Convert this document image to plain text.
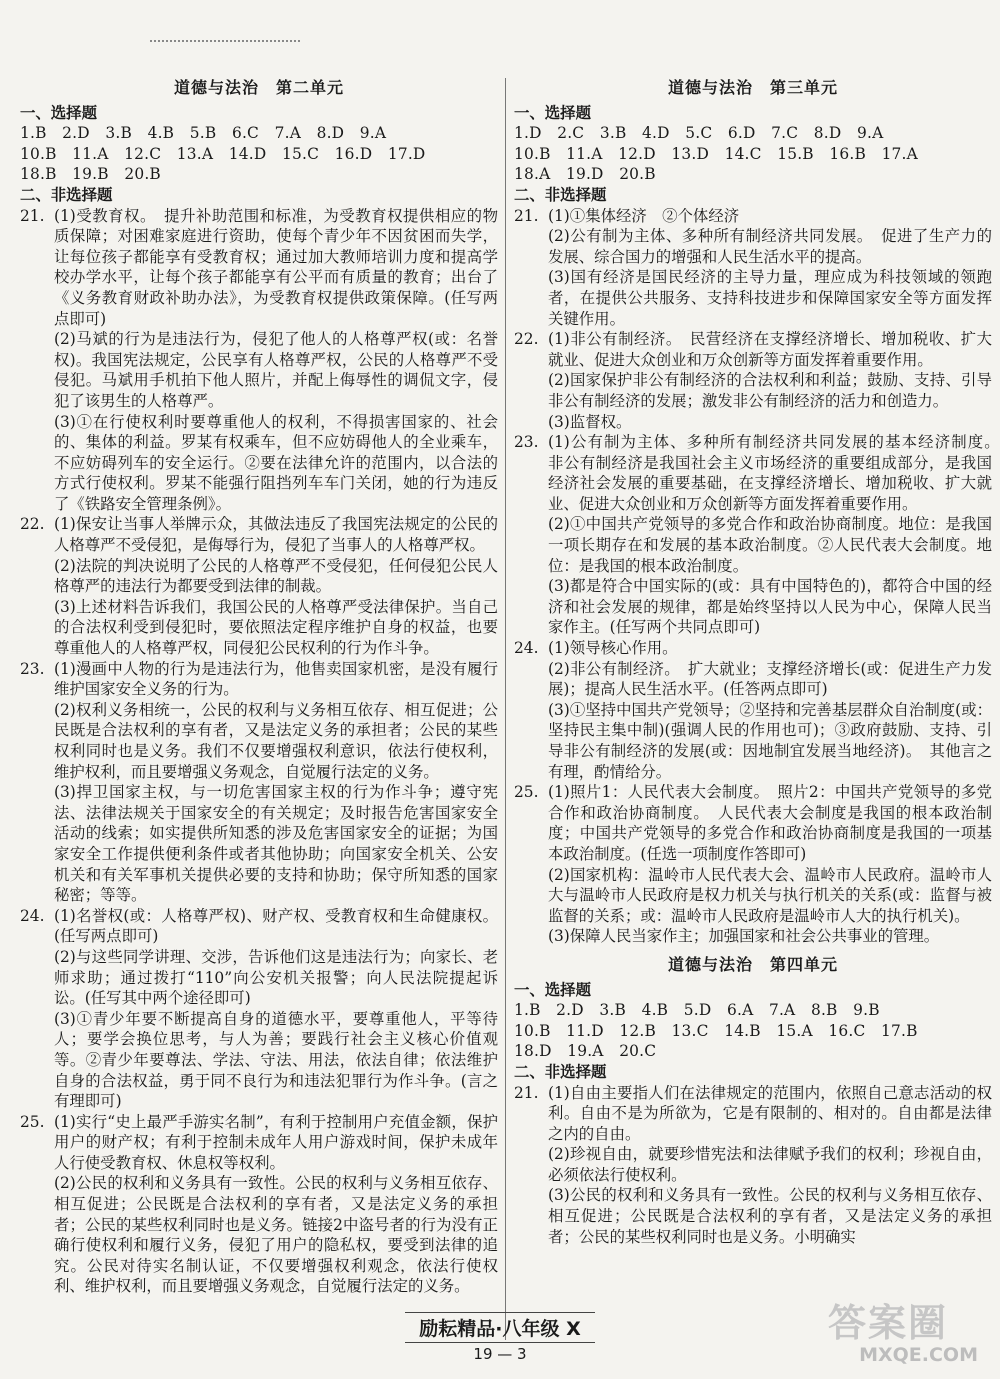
道德与法治　第二单元
一、选择题
1.B　2.D　3.B　4.B　5.B　6.C　7.A　8.D　9.A
10.B　11.A　12.C　13.A　14.D　15.C　16.D　17.D
18.B　19.B　20.B
二、非选择题
21. (1)受教育权。　提升补助范围和标准，为受教育权提供相应的物质保障；对困难家庭进行资助，使每个青少年不因贫困而失学，让每位孩子都能享有受教育权；通过加大教师培训力度和提高学校办学水平，让每个孩子都能享有公平而有质量的教育；出台了《义务教育财政补助办法》，为受教育权提供政策保障。(任写两点即可)
(2)马斌的行为是违法行为，侵犯了他人的人格尊严权(或：名誉权)。我国宪法规定，公民享有人格尊严权，公民的人格尊严不受侵犯。马斌用手机拍下他人照片，并配上侮辱性的调侃文字，侵犯了该男生的人格尊严。
(3)①在行使权利时要尊重他人的权利，不得损害国家的、社会的、集体的利益。罗某有权乘车，但不应妨碍他人的全业乘车，不应妨碍列车的安全运行。②要在法律允许的范围内，以合法的方式行使权利。罗某不能强行阻挡列车车门关闭，她的行为违反了《铁路安全管理条例》。
22. (1)保安让当事人举牌示众，其做法违反了我国宪法规定的公民的人格尊严不受侵犯，是侮辱行为，侵犯了当事人的人格尊严权。
(2)法院的判决说明了公民的人格尊严不受侵犯，任何侵犯公民人格尊严的违法行为都要受到法律的制裁。
(3)上述材料告诉我们，我国公民的人格尊严受法律保护。当自己的合法权利受到侵犯时，要依照法定程序维护自身的权益，也要尊重他人的人格尊严权，同侵犯公民权利的行为作斗争。
23. (1)漫画中人物的行为是违法行为，他售卖国家机密，是没有履行维护国家安全义务的行为。
(2)权利义务相统一，公民的权利与义务相互依存、相互促进；公民既是合法权利的享有者，又是法定义务的承担者；公民的某些权利同时也是义务。我们不仅要增强权利意识，依法行使权利，维护权利，而且要增强义务观念，自觉履行法定的义务。
(3)捍卫国家主权，与一切危害国家主权的行为作斗争；遵守宪法、法律法规关于国家安全的有关规定；及时报告危害国家安全活动的线索；如实提供所知悉的涉及危害国家安全的证据；为国家安全工作提供便利条件或者其他协助；向国家安全机关、公安机关和有关军事机关提供必要的支持和协助；保守所知悉的国家秘密；等等。
24. (1)名誉权(或：人格尊严权)、财产权、受教育权和生命健康权。(任写两点即可)
(2)与这些同学讲理、交涉，告诉他们这是违法行为；向家长、老师求助；通过拨打“110”向公安机关报警；向人民法院提起诉讼。(任写其中两个途径即可)
(3)①青少年要不断提高自身的道德水平，要尊重他人，平等待人；要学会换位思考，与人为善；要践行社会主义核心价值观等。②青少年要尊法、学法、守法、用法，依法自律；依法维护自身的合法权益，勇于同不良行为和违法犯罪行为作斗争。(言之有理即可)
25. (1)实行“史上最严手游实名制”，有利于控制用户充值金额，保护用户的财产权；有利于控制未成年人用户游戏时间，保护未成年人行使受教育权、休息权等权利。
(2)公民的权利和义务具有一致性。公民的权利与义务相互依存、相互促进；公民既是合法权利的享有者，又是法定义务的承担者；公民的某些权利同时也是义务。链接2中盗号者的行为没有正确行使权利和履行义务，侵犯了用户的隐私权，要受到法律的追究。公民对待实名制认证，不仅要增强权利观念，依法行使权利、维护权利，而且要增强义务观念，自觉履行法定的义务。
道德与法治　第三单元
一、选择题
1.D　2.C　3.B　4.D　5.C　6.D　7.C　8.D　9.A
10.B　11.A　12.D　13.D　14.C　15.B　16.B　17.A
18.A　19.D　20.B
二、非选择题
21. (1)①集体经济　②个体经济
(2)公有制为主体、多种所有制经济共同发展。　促进了生产力的发展、综合国力的增强和人民生活水平的提高。
(3)国有经济是国民经济的主导力量，理应成为科技领域的领跑者，在提供公共服务、支持科技进步和保障国家安全等方面发挥关键作用。
22. (1)非公有制经济。　民营经济在支撑经济增长、增加税收、扩大就业、促进大众创业和万众创新等方面发挥着重要作用。
(2)国家保护非公有制经济的合法权利和利益；鼓励、支持、引导非公有制经济的发展；激发非公有制经济的活力和创造力。
(3)监督权。
23. (1)公有制为主体、多种所有制经济共同发展的基本经济制度。　非公有制经济是我国社会主义市场经济的重要组成部分，是我国经济社会发展的重要基础，在支撑经济增长、增加税收、扩大就业、促进大众创业和万众创新等方面发挥着重要作用。
(2)①中国共产党领导的多党合作和政治协商制度。地位：是我国一项长期存在和发展的基本政治制度。②人民代表大会制度。地位：是我国的根本政治制度。
(3)都是符合中国实际的(或：具有中国特色的)，都符合中国的经济和社会发展的规律，都是始终坚持以人民为中心，保障人民当家作主。(任写两个共同点即可)
24. (1)领导核心作用。
(2)非公有制经济。　扩大就业；支撑经济增长(或：促进生产力发展)；提高人民生活水平。(任答两点即可)
(3)①坚持中国共产党领导；②坚持和完善基层群众自治制度(或：坚持民主集中制)(强调人民的作用也可)；③政府鼓励、支持、引导非公有制经济的发展(或：因地制宜发展当地经济)。　其他言之有理，酌情给分。
25. (1)照片1：人民代表大会制度。　照片2：中国共产党领导的多党合作和政治协商制度。　人民代表大会制度是我国的根本政治制度；中国共产党领导的多党合作和政治协商制度是我国的一项基本政治制度。(任选一项制度作答即可)
(2)国家机构：温岭市人民代表大会、温岭市人民政府。温岭市人大与温岭市人民政府是权力机关与执行机关的关系(或：监督与被监督的关系；或：温岭市人民政府是温岭市人大的执行机关)。
(3)保障人民当家作主；加强国家和社会公共事业的管理。
道德与法治　第四单元
一、选择题
1.B　2.D　3.B　4.B　5.D　6.A　7.A　8.B　9.B
10.B　11.D　12.B　13.C　14.B　15.A　16.C　17.B
18.D　19.A　20.C
二、非选择题
21. (1)自由主要指人们在法律规定的范围内，依照自己意志活动的权利。自由不是为所欲为，它是有限制的、相对的。自由都是法律之内的自由。
(2)珍视自由，就要珍惜宪法和法律赋予我们的权利；珍视自由，必须依法行使权利。
(3)公民的权利和义务具有一致性。公民的权利与义务相互依存、相互促进；公民既是合法权利的享有者，又是法定义务的承担者；公民的某些权利同时也是义务。小明确实
励耘精品·八年级 X
19 — 3
答案圈
MXQE.COM
